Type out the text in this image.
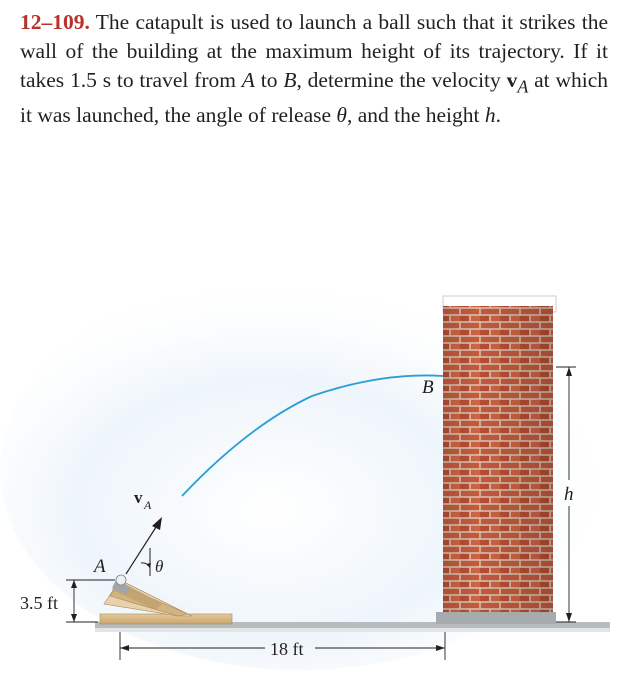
12–109. The catapult is used to launch a ball such that it strikes the wall of the building at the maximum height of its trajectory. If it takes 1.5 s to travel from A to B, determine the velocity $v_A$ at which it was launched, the angle of release θ, and the height h.
B
A
v A
θ
h
3.5 ft
18 ft
